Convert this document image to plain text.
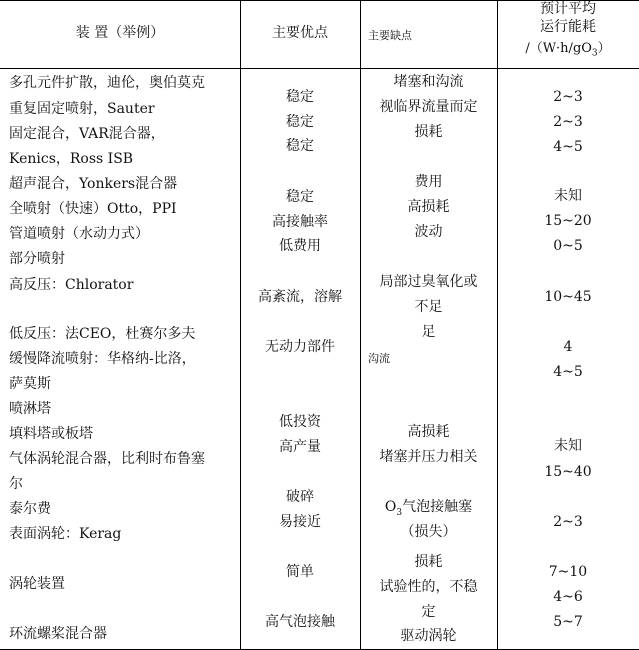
装 置（举例）	主要优点	主要缺点
预计平均
运行能耗
$/(W\cdot h/gO_3)$
多孔元件扩散，迪伦，奥伯莫克
重复固定喷射，Sauter
固定混合，VAR混合器，
Kenics，Ross ISB
超声混合，Yonkers混合器
全喷射（快速）Otto，PPI
管道喷射（水动力式）
部分喷射
高反压：Chlorator
低反压：法CEO，杜赛尔多夫
缓慢降流喷射：华格纳-比洛，
萨莫斯
喷淋塔
填料塔或板塔
气体涡轮混合器，比利时布鲁塞
尔
泰尔费
表面涡轮：Kerag
涡轮装置
环流螺桨混合器
稳定
稳定
稳定
稳定
高接触率
低费用
高紊流，溶解
无动力部件
低投资
高产量
破碎
易接近
简单
高气泡接触
堵塞和沟流
视临界流量而定
损耗
费用
高损耗
波动
局部过臭氧化或
不足
足
沟流
高损耗
堵塞并压力相关
$O_3$气泡接触塞
（损失）
损耗
试验性的，不稳
定
驱动涡轮
2~3
2~3
4~5
未知
15~20
0~5
10~45
4
4~5
未知
15~40
2~3
7~10
4~6
5~7
